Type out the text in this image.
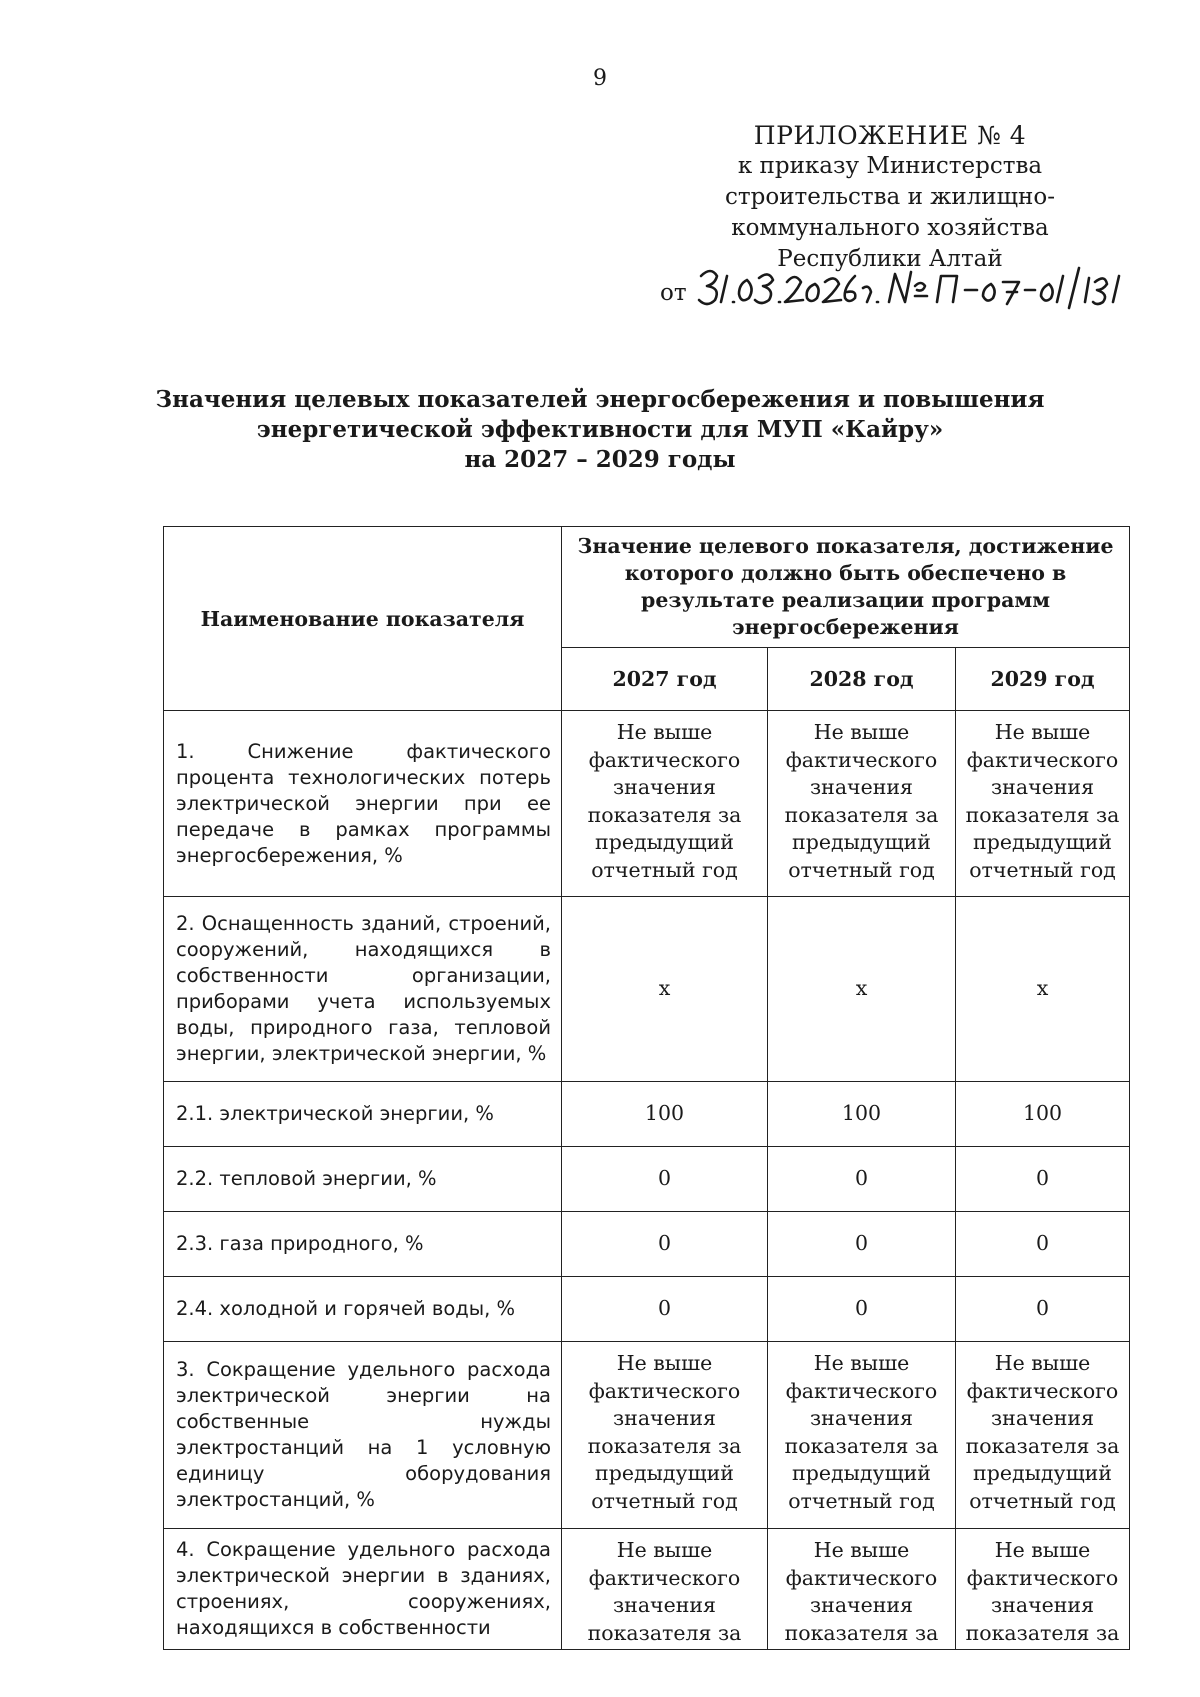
9
ПРИЛОЖЕНИЕ № 4
к приказу Министерства
строительства и жилищно-
коммунального хозяйства
Республики Алтай
от
Значения целевых показателей энергосбережения и повышения
энергетической эффективности для МУП «Кайру»
на 2027 – 2029 годы
Наименование показателя	Значение целевого показателя, достижение которого должно быть обеспечено в результате реализации программ энергосбережения		
	2027 год	2028 год	2029 год
1. Снижение фактического процента технологических потерь электрической энергии при ее передаче в рамках программы энергосбережения, %	Не выше фактического значения показателя за предыдущий отчетный год	Не выше фактического значения показателя за предыдущий отчетный год	Не выше фактического значения показателя за предыдущий отчетный год
2. Оснащенность зданий, строений, сооружений, находящихся в собственности организации, приборами учета используемых воды, природного газа, тепловой энергии, электрической энергии, %	х	х	х
2.1. электрической энергии, %	100	100	100
2.2. тепловой энергии, %	0	0	0
2.3. газа природного, %	0	0	0
2.4. холодной и горячей воды, %	0	0	0
3. Сокращение удельного расхода электрической энергии на собственные нужды электростанций на 1 условную единицу оборудования электростанций, %	Не выше фактического значения показателя за предыдущий отчетный год	Не выше фактического значения показателя за предыдущий отчетный год	Не выше фактического значения показателя за предыдущий отчетный год
4. Сокращение удельного расхода электрической энергии в зданиях, строениях, сооружениях, находящихся в собственности	Не выше фактического значения показателя за	Не выше фактического значения показателя за	Не выше фактического значения показателя за
